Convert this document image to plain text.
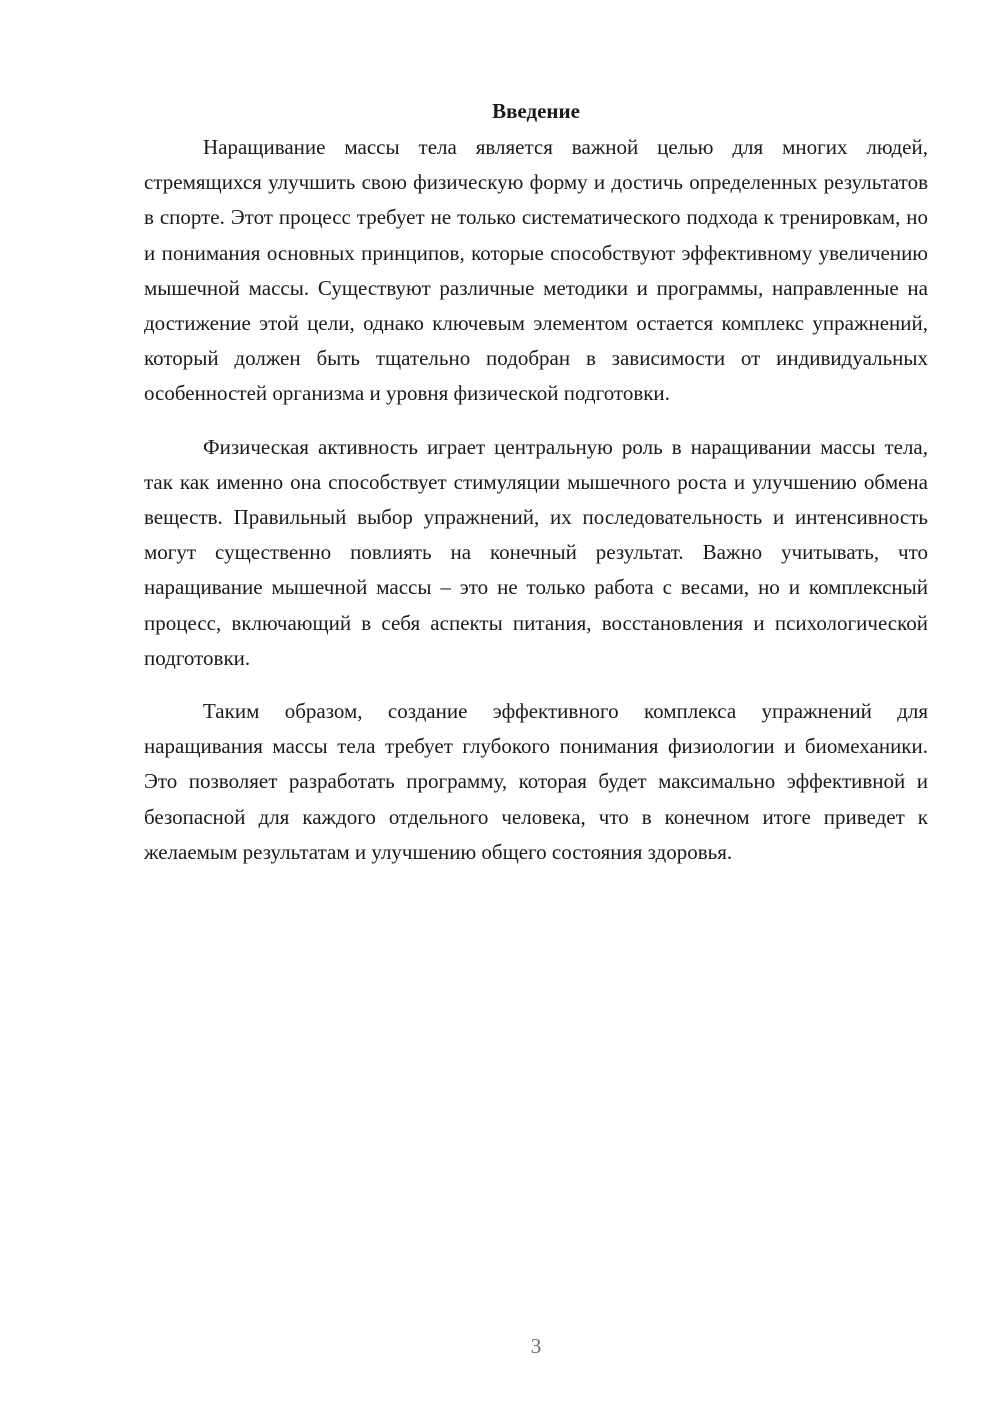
Введение

Наращивание массы тела является важной целью для многих людей, стремящихся улучшить свою физическую форму и достичь определенных результатов в спорте. Этот процесс требует не только систематического подхода к тренировкам, но и понимания основных принципов, которые способствуют эффективному увеличению мышечной массы. Существуют различные методики и программы, направленные на достижение этой цели, однако ключевым элементом остается комплекс упражнений, который должен быть тщательно подобран в зависимости от индивидуальных особенностей организма и уровня физической подготовки.

Физическая активность играет центральную роль в наращивании массы тела, так как именно она способствует стимуляции мышечного роста и улучшению обмена веществ. Правильный выбор упражнений, их последовательность и интенсивность могут существенно повлиять на конечный результат. Важно учитывать, что наращивание мышечной массы – это не только работа с весами, но и комплексный процесс, включающий в себя аспекты питания, восстановления и психологической подготовки.

Таким образом, создание эффективного комплекса упражнений для наращивания массы тела требует глубокого понимания физиологии и биомеханики. Это позволяет разработать программу, которая будет максимально эффективной и безопасной для каждого отдельного человека, что в конечном итоге приведет к желаемым результатам и улучшению общего состояния здоровья.

3
